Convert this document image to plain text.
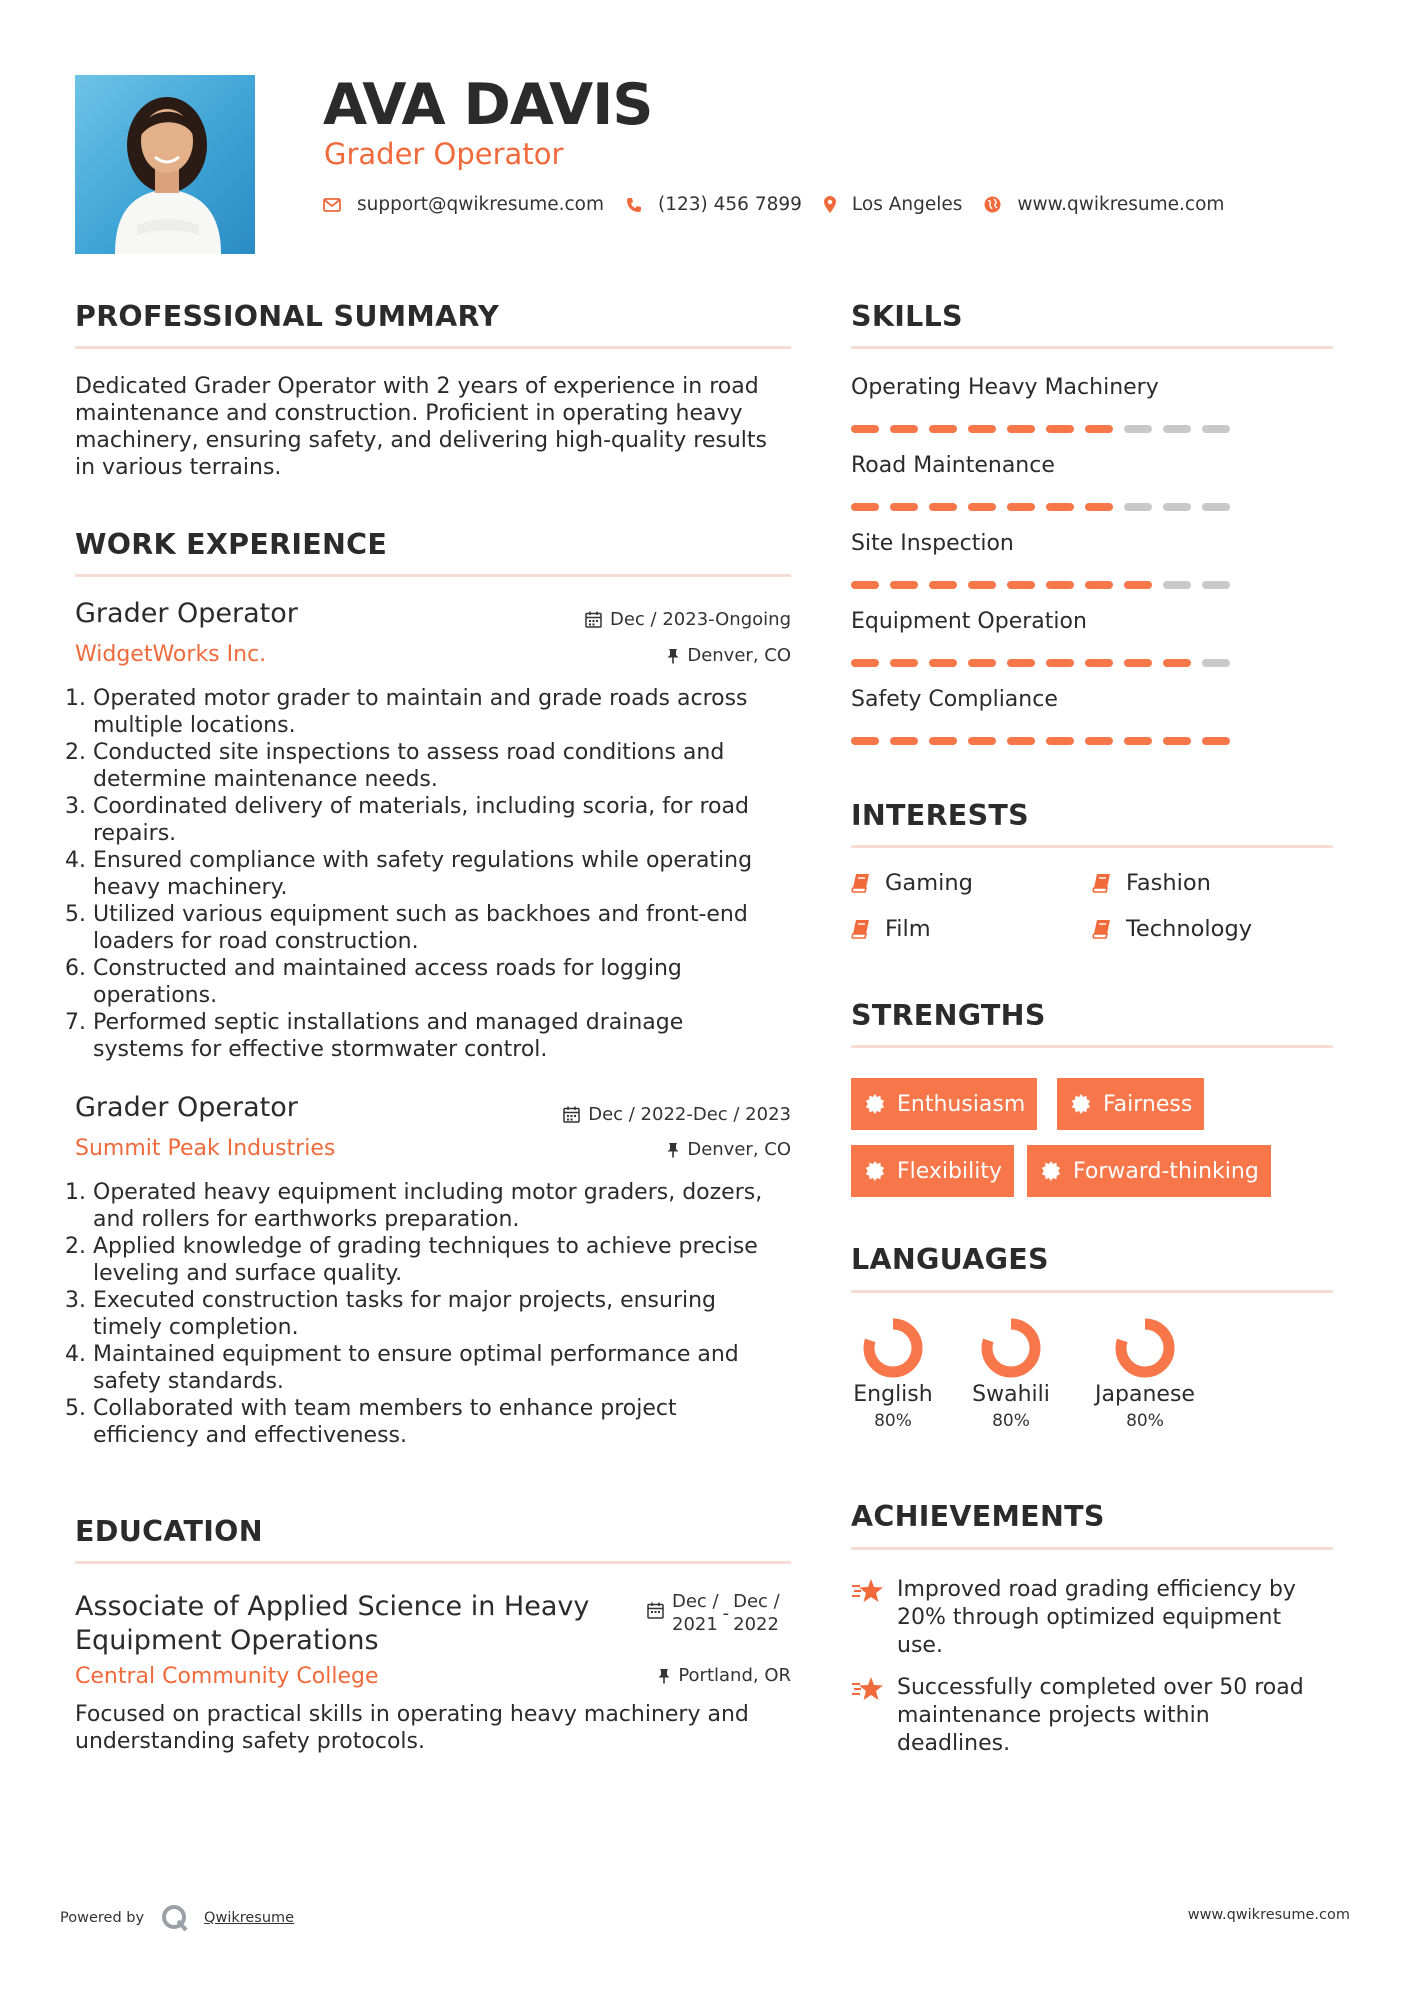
AVA DAVIS
Grader Operator
support@qwikresume.com	(123) 456 7899	Los Angeles	www.qwikresume.com
PROFESSIONAL SUMMARY
Dedicated Grader Operator with 2 years of experience in road
maintenance and construction. Proficient in operating heavy
machinery, ensuring safety, and delivering high-quality results
in various terrains.
WORK EXPERIENCE
Grader Operator	Dec / 2023-Ongoing
WidgetWorks Inc.	Denver, CO
1. Operated motor grader to maintain and grade roads across
multiple locations.
2. Conducted site inspections to assess road conditions and
determine maintenance needs.
3. Coordinated delivery of materials, including scoria, for road
repairs.
4. Ensured compliance with safety regulations while operating
heavy machinery.
5. Utilized various equipment such as backhoes and front-end
loaders for road construction.
6. Constructed and maintained access roads for logging
operations.
7. Performed septic installations and managed drainage
systems for effective stormwater control.
Grader Operator	Dec / 2022-Dec / 2023
Summit Peak Industries	Denver, CO
1. Operated heavy equipment including motor graders, dozers,
and rollers for earthworks preparation.
2. Applied knowledge of grading techniques to achieve precise
leveling and surface quality.
3. Executed construction tasks for major projects, ensuring
timely completion.
4. Maintained equipment to ensure optimal performance and
safety standards.
5. Collaborated with team members to enhance project
efficiency and effectiveness.
EDUCATION
Associate of Applied Science in Heavy
Equipment Operations
Dec /
2021
-
Dec /
2022
Central Community College	Portland, OR
Focused on practical skills in operating heavy machinery and
understanding safety protocols.
SKILLS
Operating Heavy Machinery
Road Maintenance
Site Inspection
Equipment Operation
Safety Compliance
INTERESTS
Gaming	Fashion
Film	Technology
STRENGTHS
Enthusiasm	Fairness
Flexibility	Forward-thinking
LANGUAGES
English
80%
Swahili
80%
Japanese
80%
ACHIEVEMENTS
Improved road grading efficiency by
20% through optimized equipment
use.
Successfully completed over 50 road
maintenance projects within
deadlines.
Powered by	Qwikresume	www.qwikresume.com
